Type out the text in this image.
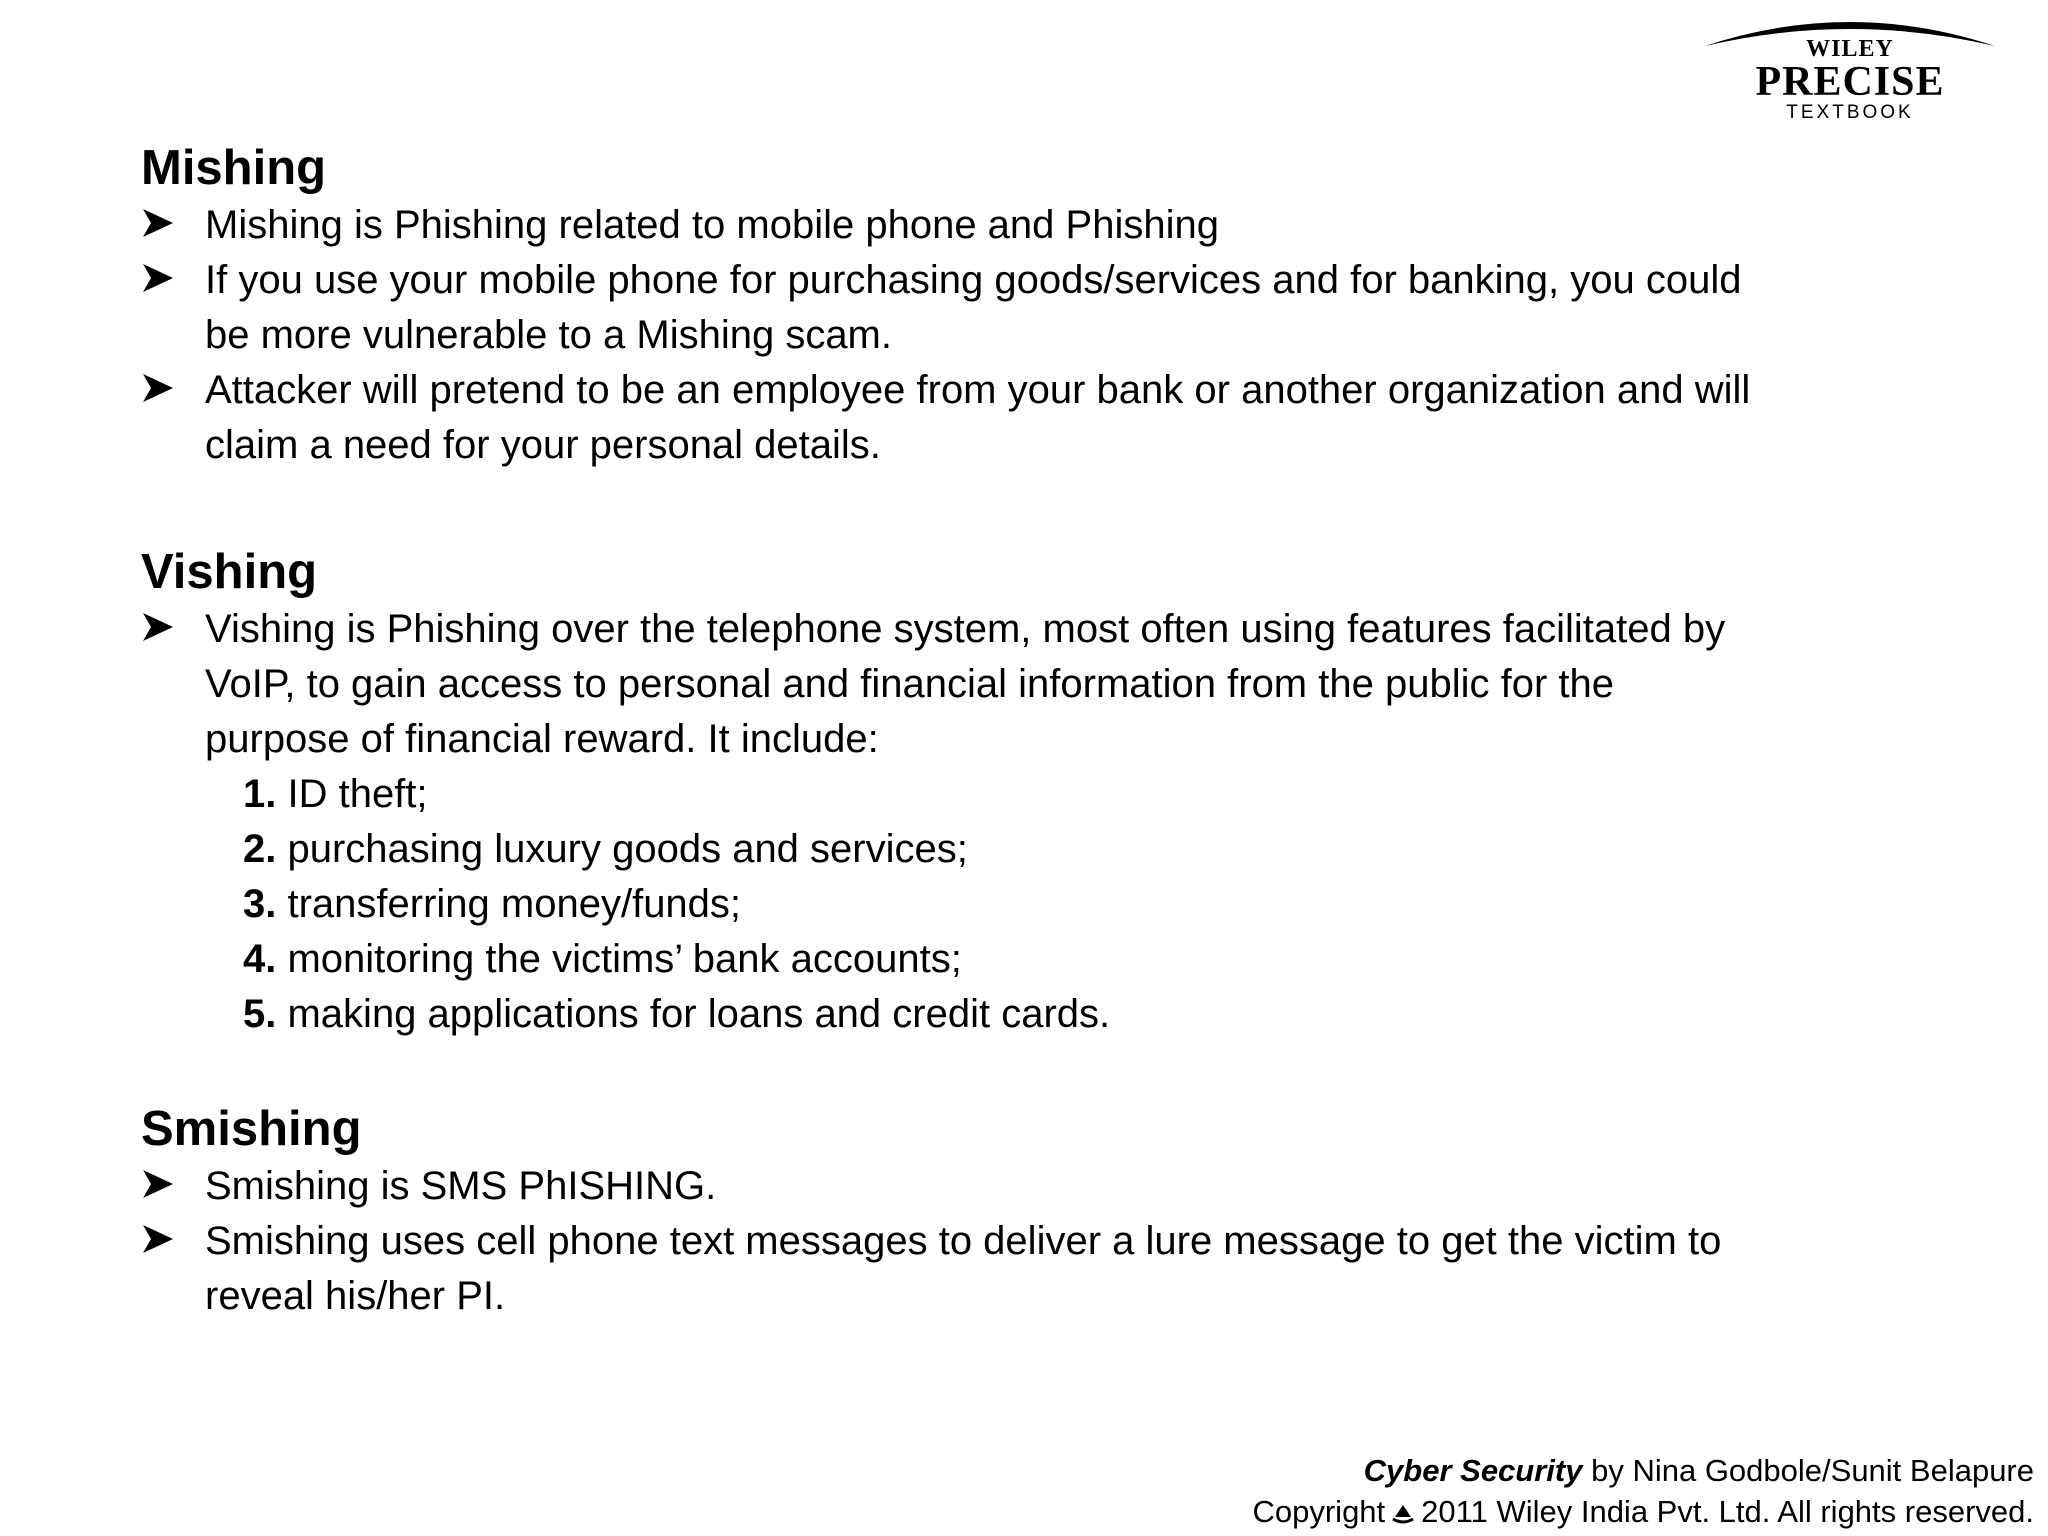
WILEY
PRECISE
TEXTBOOK
Mishing
Mishing is Phishing related to mobile phone and Phishing
If you use your mobile phone for purchasing goods/services and for banking, you could be more vulnerable to a Mishing scam.
Attacker will pretend to be an employee from your bank or another organization and will claim a need for your personal details.
Vishing
Vishing is Phishing over the telephone system, most often using features facilitated by VoIP, to gain access to personal and financial information from the public for the purpose of financial reward. It include:
1. ID theft;
2. purchasing luxury goods and services;
3. transferring money/funds;
4. monitoring the victims’ bank accounts;
5. making applications for loans and credit cards.
Smishing
Smishing is SMS PhISHING.
Smishing uses cell phone text messages to deliver a lure message to get the victim to reveal his/her PI.
Cyber Security by Nina Godbole/Sunit Belapure
Copyright 2011 Wiley India Pvt. Ltd. All rights reserved.
